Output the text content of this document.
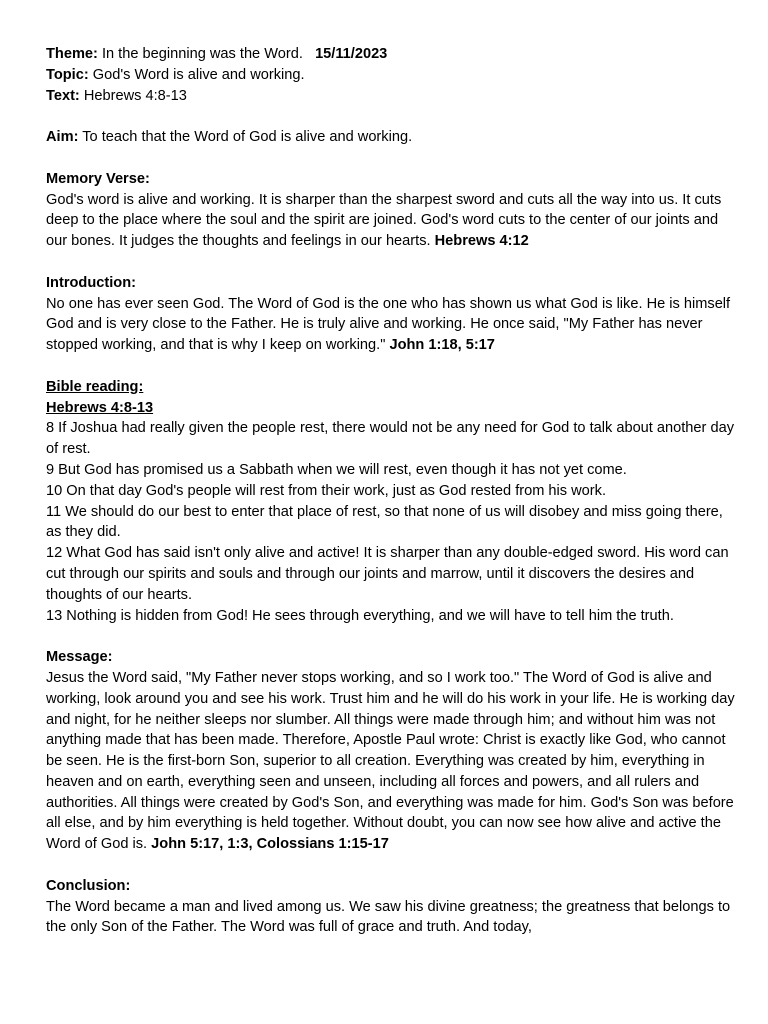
Theme: In the beginning was the Word.   15/11/2023

Topic: God's Word is alive and working.

Text: Hebrews 4:8-13

Aim: To teach that the Word of God is alive and working.

Memory Verse:

God's word is alive and working. It is sharper than the sharpest sword and cuts all the way into us. It cuts deep to the place where the soul and the spirit are joined. God's word cuts to the center of our joints and our bones. It judges the thoughts and feelings in our hearts. Hebrews 4:12

Introduction:

No one has ever seen God. The Word of God is the one who has shown us what God is like. He is himself God and is very close to the Father. He is truly alive and working. He once said, "My Father has never stopped working, and that is why I keep on working." John 1:18, 5:17

Bible reading:

Hebrews 4:8-13

8 If Joshua had really given the people rest, there would not be any need for God to talk about another day of rest.

9 But God has promised us a Sabbath when we will rest, even though it has not yet come.

10 On that day God's people will rest from their work, just as God rested from his work.

11 We should do our best to enter that place of rest, so that none of us will disobey and miss going there, as they did.

12 What God has said isn't only alive and active! It is sharper than any double-edged sword. His word can cut through our spirits and souls and through our joints and marrow, until it discovers the desires and thoughts of our hearts.

13 Nothing is hidden from God! He sees through everything, and we will have to tell him the truth.

Message:

Jesus the Word said, "My Father never stops working, and so I work too." The Word of God is alive and working, look around you and see his work. Trust him and he will do his work in your life. He is working day and night, for he neither sleeps nor slumber. All things were made through him; and without him was not anything made that has been made. Therefore, Apostle Paul wrote: Christ is exactly like God, who cannot be seen. He is the first-born Son, superior to all creation. Everything was created by him, everything in heaven and on earth, everything seen and unseen, including all forces and powers, and all rulers and authorities. All things were created by God's Son, and everything was made for him. God's Son was before all else, and by him everything is held together. Without doubt, you can now see how alive and active the Word of God is. John 5:17, 1:3, Colossians 1:15-17

Conclusion:

The Word became a man and lived among us. We saw his divine greatness; the greatness that belongs to the only Son of the Father. The Word was full of grace and truth. And today,
